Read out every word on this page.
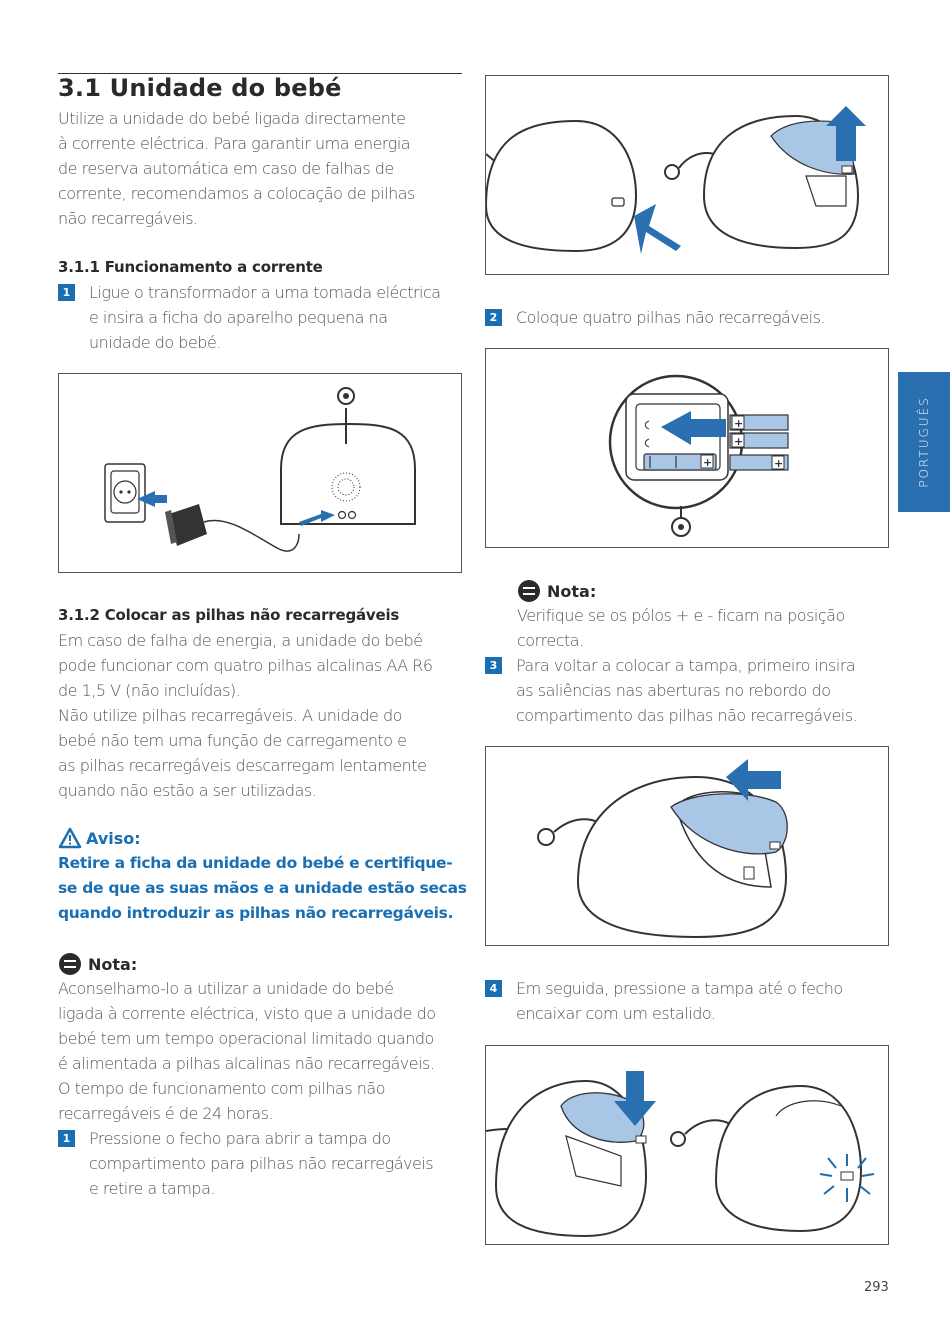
3.1 Unidade do bebé
Utilize a unidade do bebé ligada directamente
à corrente eléctrica. Para garantir uma energia
de reserva automática em caso de falhas de
corrente, recomendamos a colocação de pilhas
não recarregáveis.
3.1.1 Funcionamento a corrente
1 Ligue o transformador a uma tomada eléctrica
e insira a ficha do aparelho pequena na
unidade do bebé.
3.1.2 Colocar as pilhas não recarregáveis
Em caso de falha de energia, a unidade do bebé
pode funcionar com quatro pilhas alcalinas AA R6
de 1,5 V (não incluídas).
Não utilize pilhas recarregáveis. A unidade do
bebé não tem uma função de carregamento e
as pilhas recarregáveis descarregam lentamente
quando não estão a ser utilizadas.
Aviso:
Retire a ficha da unidade do bebé e certifique-
se de que as suas mãos e a unidade estão secas
quando introduzir as pilhas não recarregáveis.
Nota:
Aconselhamo-lo a utilizar a unidade do bebé
ligada à corrente eléctrica, visto que a unidade do
bebé tem um tempo operacional limitado quando
é alimentada a pilhas alcalinas não recarregáveis.
O tempo de funcionamento com pilhas não
recarregáveis é de 24 horas.
1 Pressione o fecho para abrir a tampa do
compartimento para pilhas não recarregáveis
e retire a tampa.
2 Coloque quatro pilhas não recarregáveis.
+
+
+
+
Nota:
Verifique se os pólos + e - ficam na posição
correcta.
3 Para voltar a colocar a tampa, primeiro insira
as saliências nas aberturas no rebordo do
compartimento das pilhas não recarregáveis.
4 Em seguida, pressione a tampa até o fecho
encaixar com um estalido.
PORTUGUÊS
293
